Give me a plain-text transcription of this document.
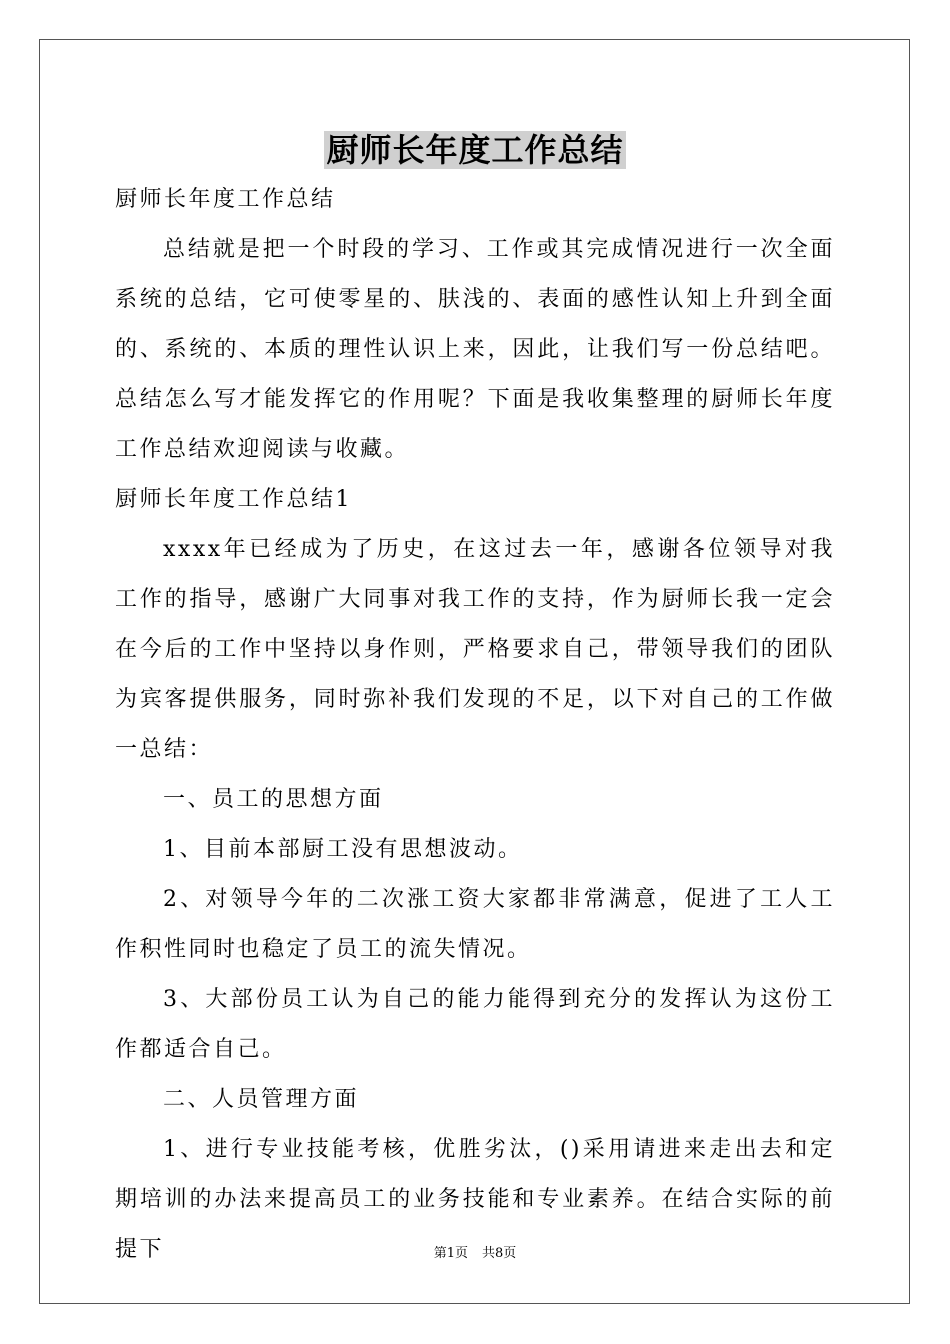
厨师长年度工作总结

厨师长年度工作总结

总结就是把一个时段的学习、工作或其完成情况进行一次全面系统的总结，它可使零星的、肤浅的、表面的感性认知上升到全面的、系统的、本质的理性认识上来，因此，让我们写一份总结吧。总结怎么写才能发挥它的作用呢？下面是我收集整理的厨师长年度工作总结欢迎阅读与收藏。

厨师长年度工作总结1

xxxx年已经成为了历史，在这过去一年，感谢各位领导对我工作的指导，感谢广大同事对我工作的支持，作为厨师长我一定会在今后的工作中坚持以身作则，严格要求自己，带领导我们的团队为宾客提供服务，同时弥补我们发现的不足，以下对自己的工作做一总结：

一、员工的思想方面

1、目前本部厨工没有思想波动。

2、对领导今年的二次涨工资大家都非常满意，促进了工人工作积性同时也稳定了员工的流失情况。

3、大部份员工认为自己的能力能得到充分的发挥认为这份工作都适合自己。

二、人员管理方面

1、进行专业技能考核，优胜劣汰，()采用请进来走出去和定期培训的办法来提高员工的业务技能和专业素养。在结合实际的前提下	第1页 共8页
